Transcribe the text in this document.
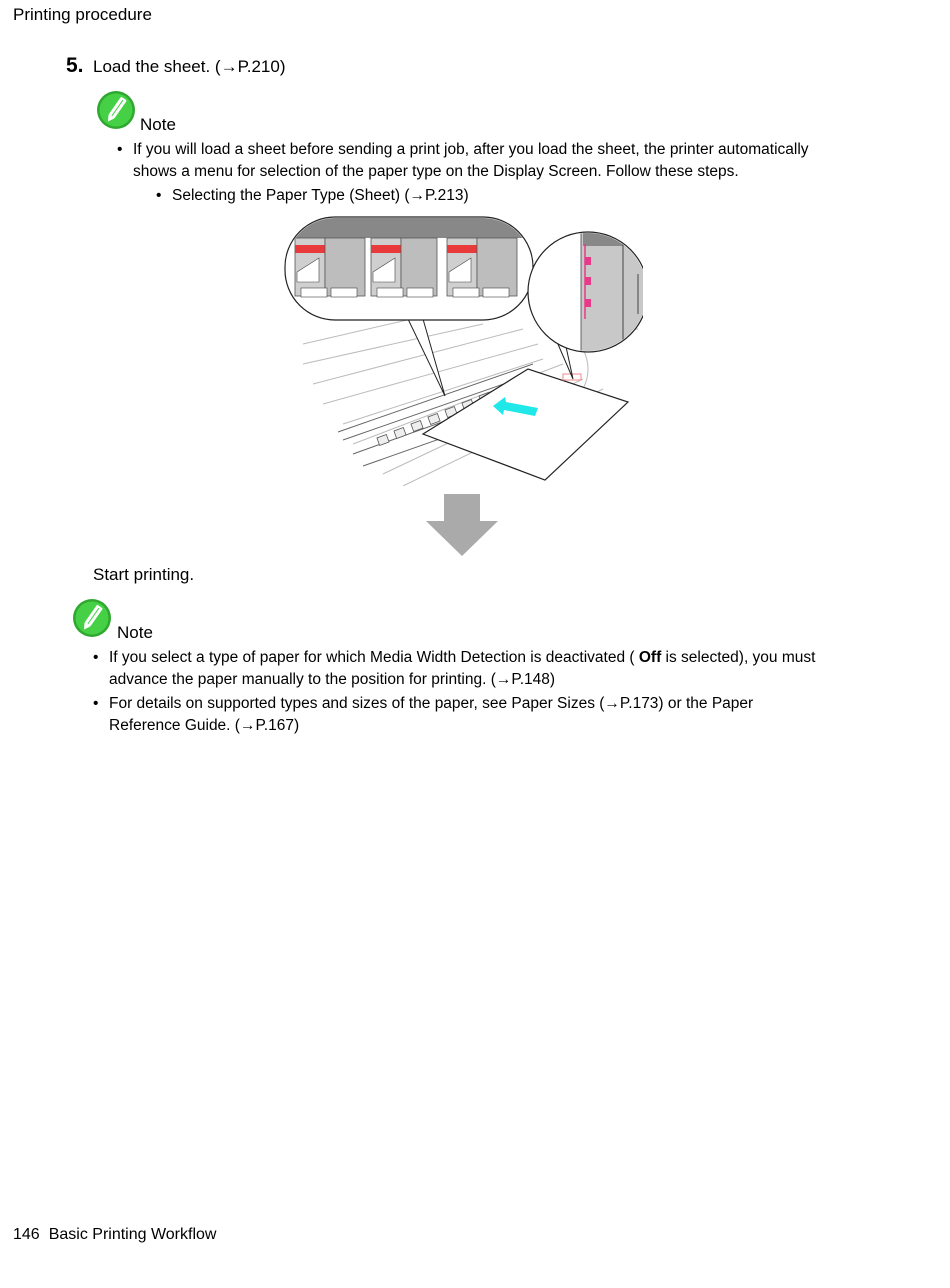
Printing procedure
5. Load the sheet. (→P.210)
Note
• If you will load a sheet before sending a print job, after you load the sheet, the printer automatically
shows a menu for selection of the paper type on the Display Screen. Follow these steps.
• Selecting the Paper Type (Sheet) (→P.213)
Start printing.
Note
• If you select a type of paper for which Media Width Detection is deactivated ( Off is selected), you must
advance the paper manually to the position for printing. (→P.148)
• For details on supported types and sizes of the paper, see Paper Sizes (→P.173) or the Paper
Reference Guide. (→P.167)
146 Basic Printing Workflow
